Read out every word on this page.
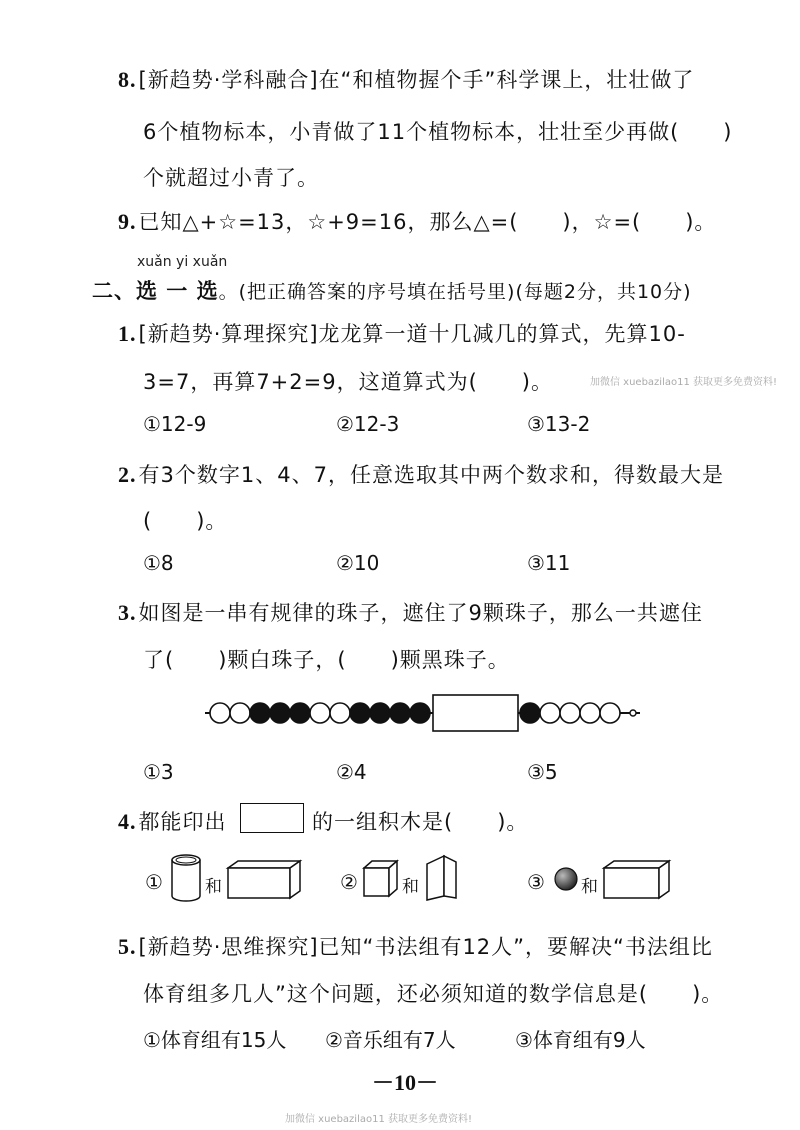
8.[新趋势·学科融合]在“和植物握个手”科学课上，壮壮做了
6个植物标本，小青做了11个植物标本，壮壮至少再做(　　)
个就超过小青了。
9.已知△+☆=13，☆+9=16，那么△=(　　)，☆=(　　)。
xuǎn yi xuǎn
二、选 一 选。(把正确答案的序号填在括号里)(每题2分，共10分)
1.[新趋势·算理探究]龙龙算一道十几减几的算式，先算10-
3=7，再算7+2=9，这道算式为(　　)。	加微信 xuebazilao11 获取更多免费资料!
①12-9	②12-3	③13-2
2.有3个数字1、4、7，任意选取其中两个数求和，得数最大是
(　　)。
①8	②10	③11
3.如图是一串有规律的珠子，遮住了9颗珠子，那么一共遮住
了(　　)颗白珠子，(　　)颗黑珠子。
①3	②4	③5
4.都能印出	的一组积木是(　　)。
① 和	②	和	③ 和
5.[新趋势·思维探究]已知“书法组有12人”，要解决“书法组比
体育组多几人”这个问题，还必须知道的数学信息是(　　)。
①体育组有15人 ②音乐组有7人	③体育组有9人
－10－
加微信 xuebazilao11 获取更多免费资料!
